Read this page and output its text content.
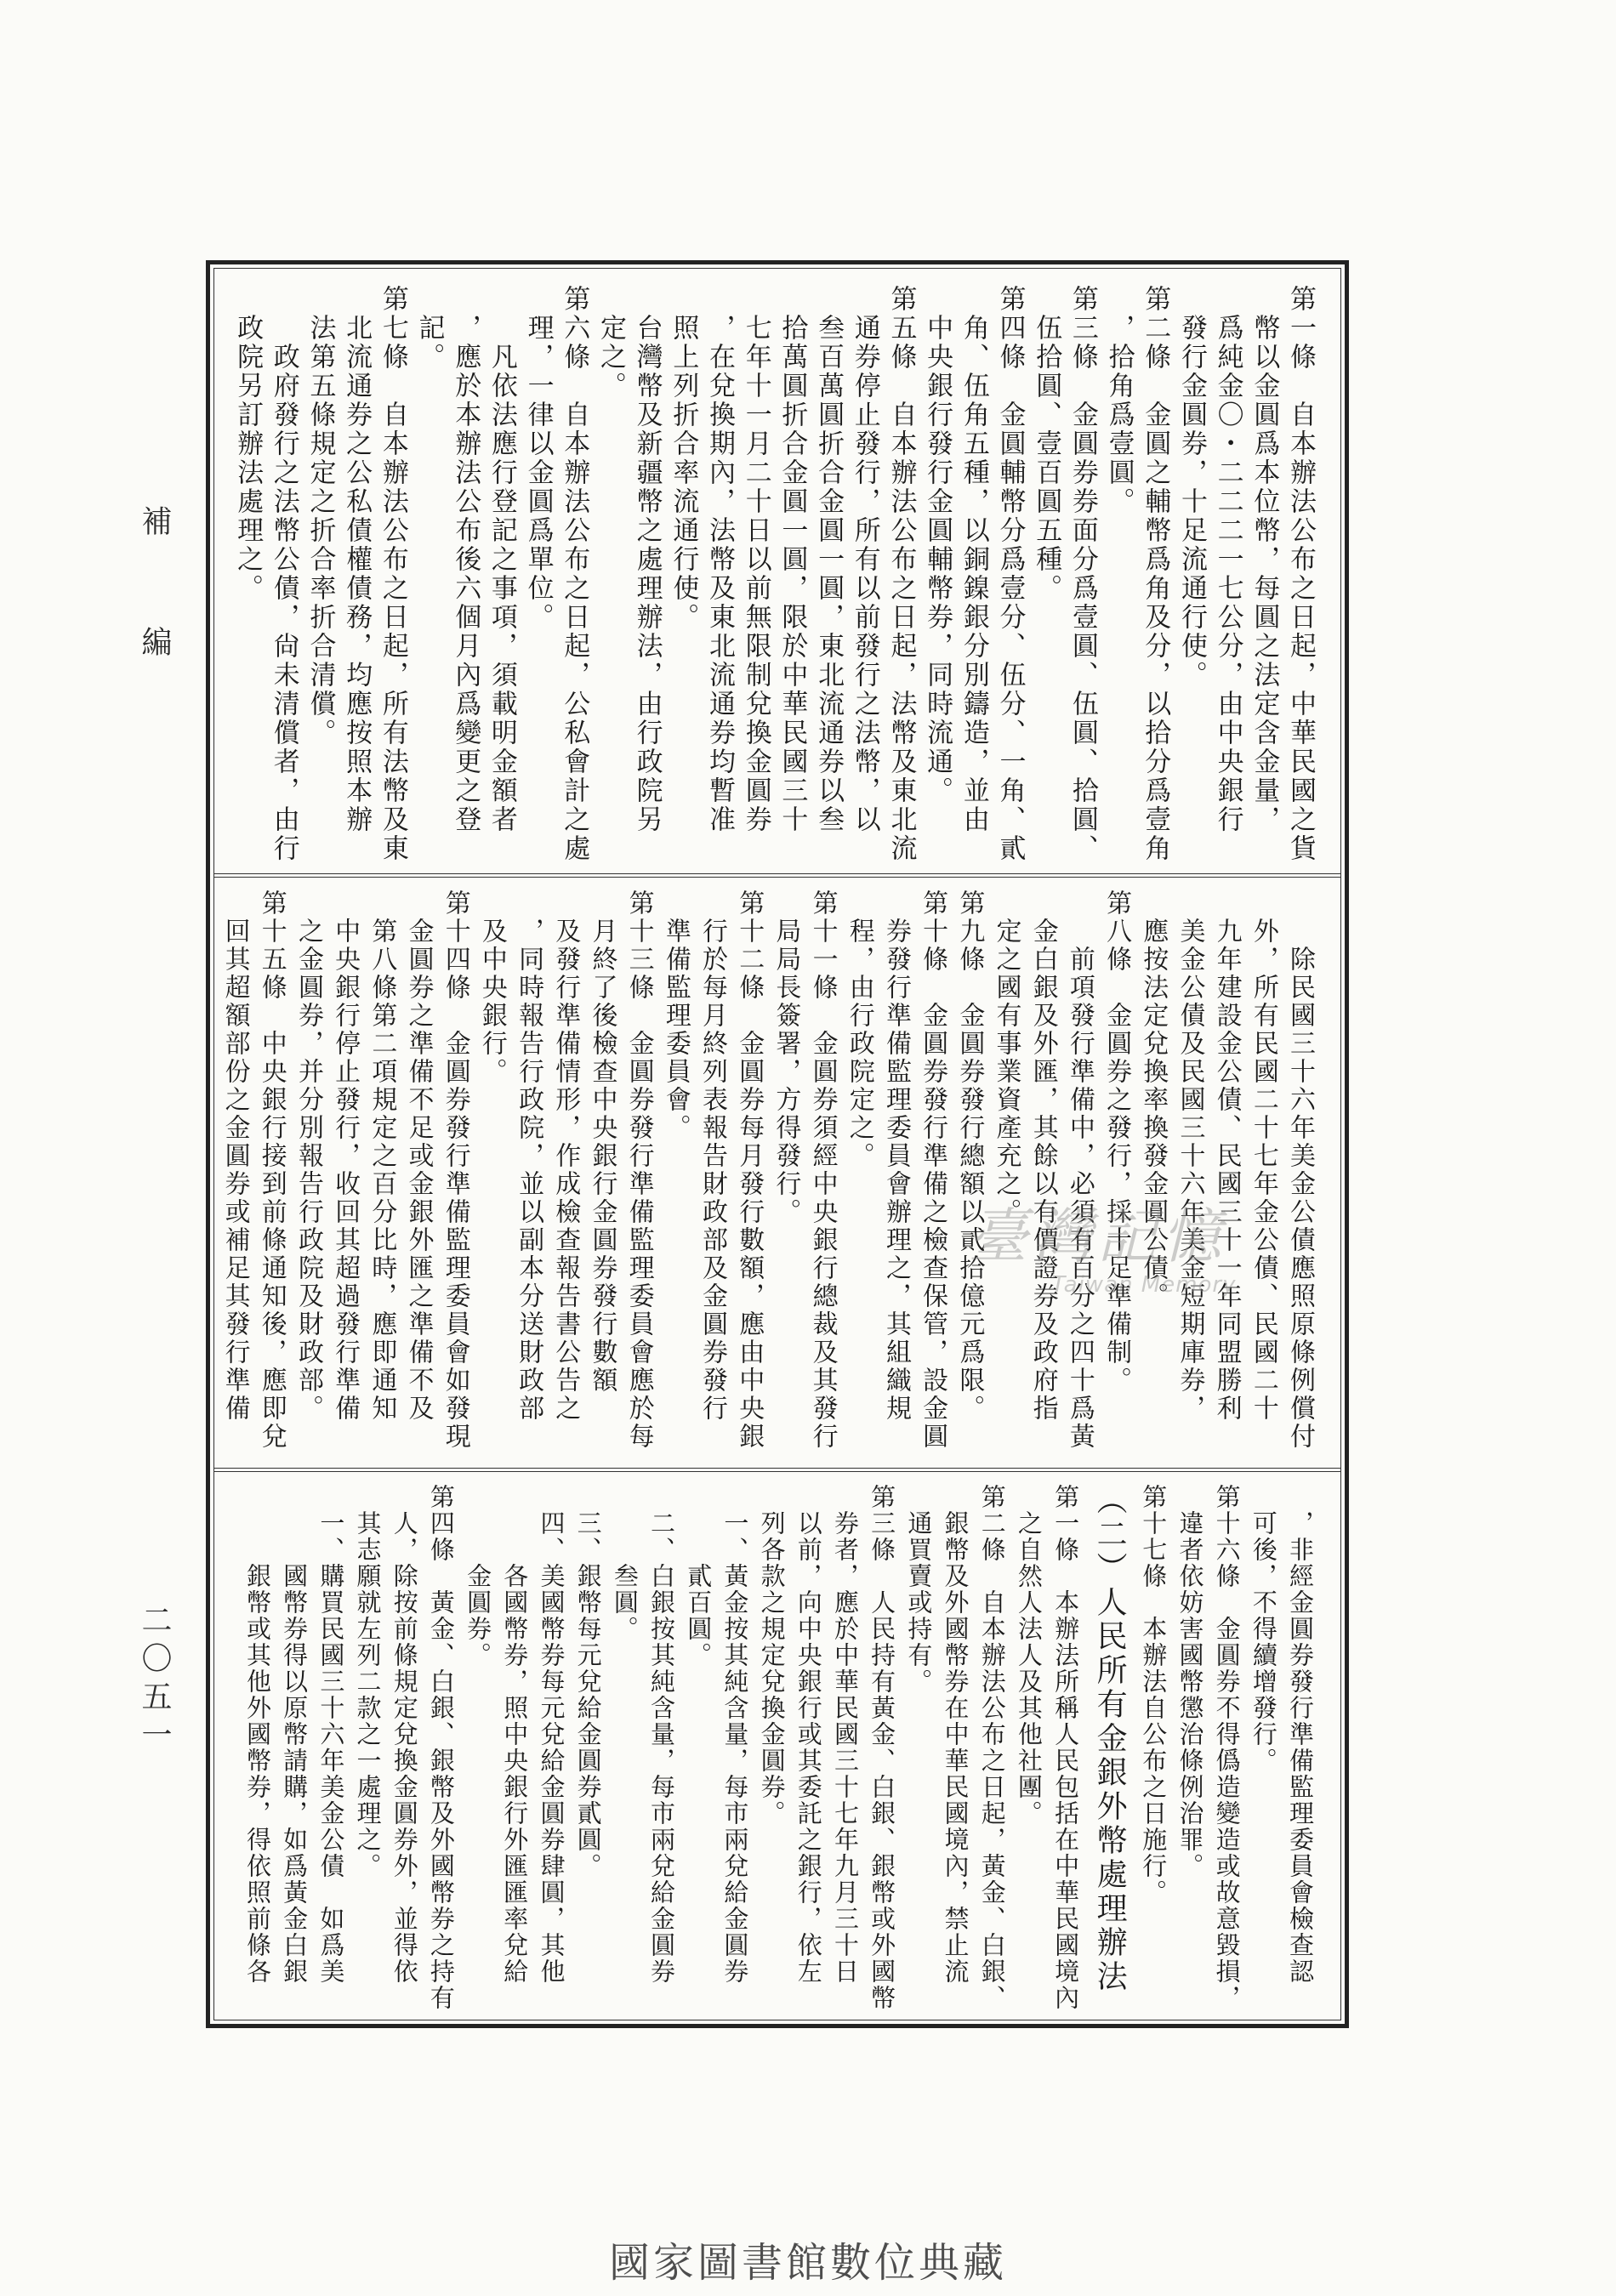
補　編
二〇五一
第一條　自本辦法公布之日起，中華民國之貨
幣以金圓爲本位幣，每圓之法定含金量，
爲純金〇・二二二一七公分，由中央銀行
發行金圓券，十足流通行使。
第二條　金圓之輔幣爲角及分，以拾分爲壹角
，拾角爲壹圓。
第三條　金圓券券面分爲壹圓、伍圓、拾圓、
伍拾圓、壹百圓五種。
第四條　金圓輔幣分爲壹分、伍分、一角、貳
角、伍角五種，以銅鎳銀分別鑄造，並由
中央銀行發行金圓輔幣券，同時流通。
第五條　自本辦法公布之日起，法幣及東北流
通券停止發行，所有以前發行之法幣，以
叁百萬圓折合金圓一圓，東北流通券以叁
拾萬圓折合金圓一圓，限於中華民國三十
七年十一月二十日以前無限制兌換金圓券
，在兌換期內，法幣及東北流通券均暫准
照上列折合率流通行使。
台灣幣及新疆幣之處理辦法，由行政院另
定之。
第六條　自本辦法公布之日起，公私會計之處
理，一律以金圓爲單位。
凡依法應行登記之事項，須載明金額者
，應於本辦法公布後六個月內爲變更之登
記。
第七條　自本辦法公布之日起，所有法幣及東
北流通券之公私債權債務，均應按照本辦
法第五條規定之折合率折合清償。
政府發行之法幣公債，尙未清償者，由行
政院另訂辦法處理之。
除民國三十六年美金公債應照原條例償付
外，所有民國二十七年金公債、民國二十
九年建設金公債、民國三十一年同盟勝利
美金公債及民國三十六年美金短期庫券，
應按法定兌換率換發金圓公債。
第八條　金圓券之發行，採十足準備制。
前項發行準備中，必須有百分之四十爲黃
金白銀及外匯，其餘以有價證券及政府指
定之國有事業資產充之。
第九條　金圓券發行總額以貳拾億元爲限。
第十條　金圓券發行準備之檢查保管，設金圓
券發行準備監理委員會辦理之，其組織規
程，由行政院定之。
第十一條　金圓券須經中央銀行總裁及其發行
局局長簽署，方得發行。
第十二條　金圓券每月發行數額，應由中央銀
行於每月終列表報告財政部及金圓券發行
準備監理委員會。
第十三條　金圓券發行準備監理委員會應於每
月終了後檢查中央銀行金圓券發行數額
及發行準備情形，作成檢查報告書公告之
，同時報告行政院，並以副本分送財政部
及中央銀行。
第十四條　金圓券發行準備監理委員會如發現
金圓券之準備不足或金銀外匯之準備不及
第八條第二項規定之百分比時，應即通知
中央銀行停止發行，收回其超過發行準備
之金圓券，并分別報告行政院及財政部。
第十五條　中央銀行接到前條通知後，應即兌
回其超額部份之金圓券或補足其發行準備
，非經金圓券發行準備監理委員會檢查認
可後，不得續增發行。
第十六條　金圓券不得僞造變造或故意毀損，
違者依妨害國幣懲治條例治罪。
第十七條　本辦法自公布之日施行。
（二）人民所有金銀外幣處理辦法
第一條　本辦法所稱人民包括在中華民國境內
之自然人法人及其他社團。
第二條　自本辦法公布之日起，黃金、白銀、
銀幣及外國幣券在中華民國境內，禁止流
通買賣或持有。
第三條　人民持有黃金、白銀、銀幣或外國幣
券者，應於中華民國三十七年九月三十日
以前，向中央銀行或其委託之銀行，依左
列各款之規定兌換金圓券。
一、黃金按其純含量，每市兩兌給金圓券
貳百圓。
二、白銀按其純含量，每市兩兌給金圓券
叁圓。
三、銀幣每元兌給金圓券貳圓。
四、美國幣券每元兌給金圓券肆圓，其他
各國幣券，照中央銀行外匯匯率兌給
金圓券。
第四條　黃金、白銀、銀幣及外國幣券之持有
人，除按前條規定兌換金圓券外，並得依
其志願就左列二款之一處理之。
一、購買民國三十六年美金公債　如爲美
國幣券得以原幣請購，如爲黃金白銀
銀幣或其他外國幣券，得依照前條各
臺灣記憶
Taiwan Memory
國家圖書館數位典藏
